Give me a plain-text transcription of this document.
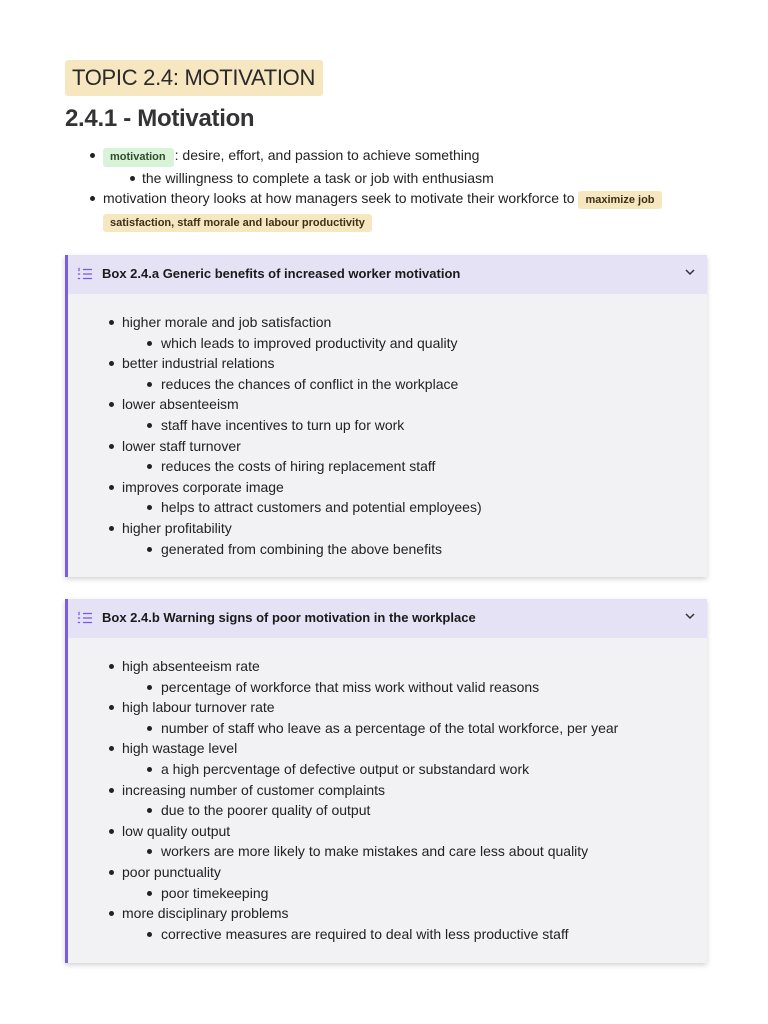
TOPIC 2.4: MOTIVATION
2.4.1 - Motivation
motivation : desire, effort, and passion to achieve something
the willingness to complete a task or job with enthusiasm
motivation theory looks at how managers seek to motivate their workforce to maximize job satisfaction, staff morale and labour productivity
Box 2.4.a Generic benefits of increased worker motivation
higher morale and job satisfaction
which leads to improved productivity and quality
better industrial relations
reduces the chances of conflict in the workplace
lower absenteeism
staff have incentives to turn up for work
lower staff turnover
reduces the costs of hiring replacement staff
improves corporate image
helps to attract customers and potential employees)
higher profitability
generated from combining the above benefits
Box 2.4.b Warning signs of poor motivation in the workplace
high absenteeism rate
percentage of workforce that miss work without valid reasons
high labour turnover rate
number of staff who leave as a percentage of the total workforce, per year
high wastage level
a high percventage of defective output or substandard work
increasing number of customer complaints
due to the poorer quality of output
low quality output
workers are more likely to make mistakes and care less about quality
poor punctuality
poor timekeeping
more disciplinary problems
corrective measures are required to deal with less productive staff
